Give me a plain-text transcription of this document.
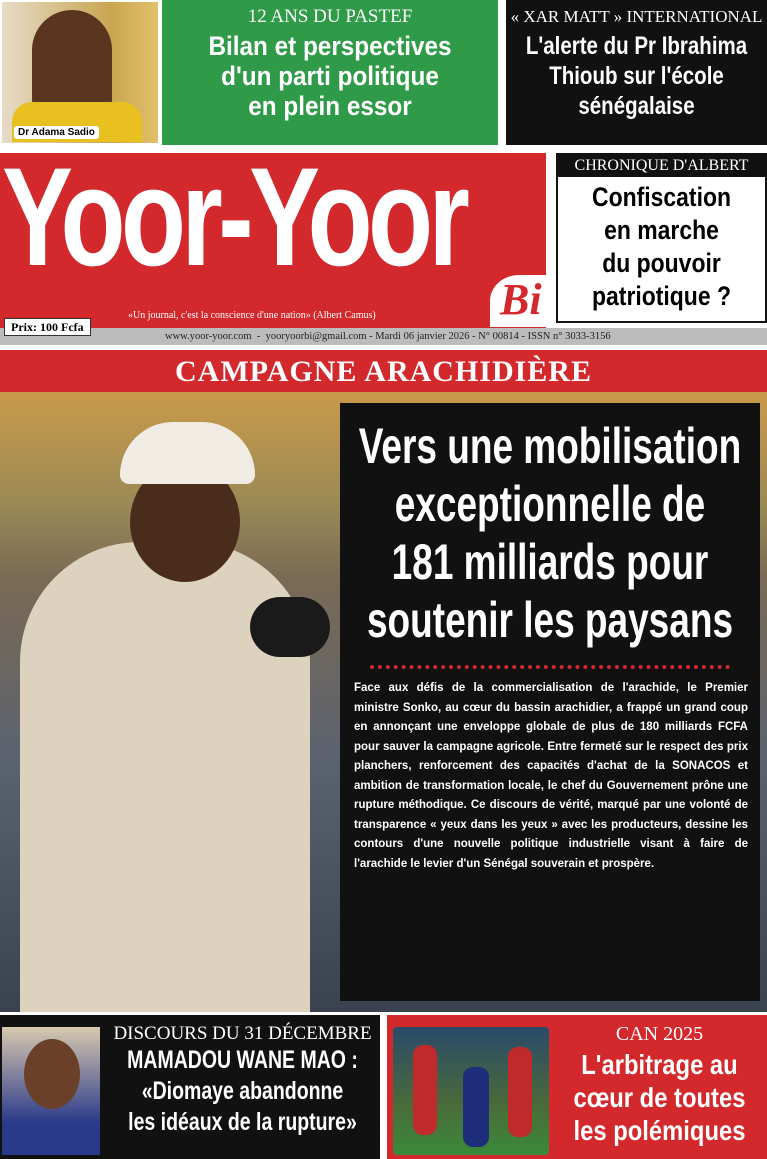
Dr Adama Sadio
12 ANS DU PASTEF
Bilan et perspectives
d'un parti politique
en plein essor
« XAR MATT » INTERNATIONAL
L'alerte du Pr Ibrahima
Thioub sur l'école
sénégalaise
Yoor-Yoor
«Un journal, c'est la conscience d'une nation» (Albert Camus)	Bi
www.yoor-yoor.com  -  yooryoorbi@gmail.com - Mardi 06 janvier 2026 - N° 00814 - ISSN n° 3033-3156
Prix: 100 Fcfa
CHRONIQUE D'ALBERT
Confiscation
en marche
du pouvoir
patriotique ?
CAMPAGNE ARACHIDIÈRE
Vers une mobilisation
exceptionnelle de
181 milliards pour
soutenir les paysans
Face aux défis de la commercialisation de l'arachide, le Premier ministre Sonko, au cœur du bassin arachidier, a frappé un grand coup en annonçant une enveloppe globale de plus de 180 milliards FCFA pour sauver la campagne agricole. Entre fermeté sur le respect des prix planchers, renforcement des capacités d'achat de la SONACOS et ambition de transformation locale, le chef du Gouvernement prône une rupture méthodique. Ce discours de vérité, marqué par une volonté de transparence « yeux dans les yeux » avec les producteurs, dessine les contours d'une nouvelle politique industrielle visant à faire de l'arachide le levier d'un Sénégal souverain et prospère.
DISCOURS DU 31 DÉCEMBRE
MAMADOU WANE MAO :
«Diomaye abandonne
les idéaux de la rupture»
CAN 2025
L'arbitrage au
cœur de toutes
les polémiques
